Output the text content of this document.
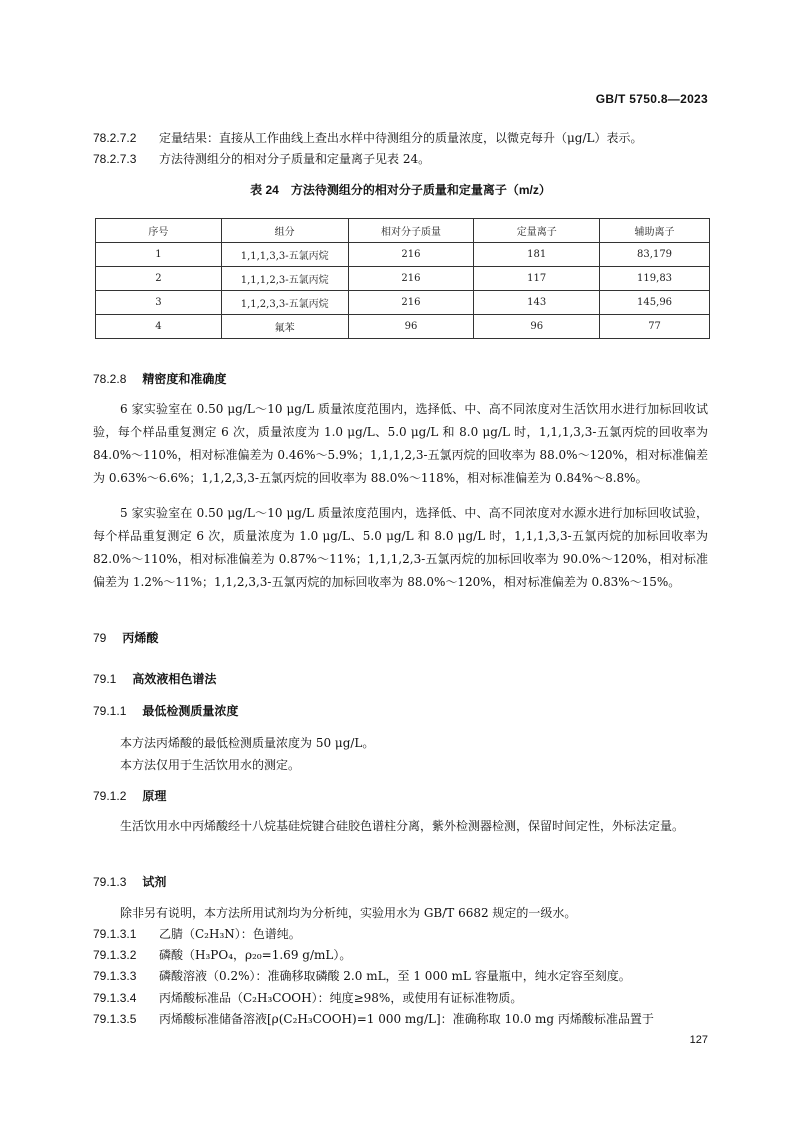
GB/T 5750.8—2023
78.2.7.2 定量结果：直接从工作曲线上查出水样中待测组分的质量浓度，以微克每升（μg/L）表示。
78.2.7.3 方法待测组分的相对分子质量和定量离子见表 24。
表 24　方法待测组分的相对分子质量和定量离子（m/z）
序号	组分	相对分子质量	定量离子	辅助离子
1	1,1,1,3,3-五氯丙烷	216	181	83,179
2	1,1,1,2,3-五氯丙烷	216	117	119,83
3	1,1,2,3,3-五氯丙烷	216	143	145,96
4	氟苯	96	96	77
78.2.8 精密度和准确度
6 家实验室在 0.50 μg/L～10 μg/L 质量浓度范围内，选择低、中、高不同浓度对生活饮用水进行加标回收试验，每个样品重复测定 6 次，质量浓度为 1.0 μg/L、5.0 μg/L 和 8.0 μg/L 时，1,1,1,3,3-五氯丙烷的回收率为 84.0%～110%，相对标准偏差为 0.46%～5.9%；1,1,1,2,3-五氯丙烷的回收率为 88.0%～120%，相对标准偏差为 0.63%～6.6%；1,1,2,3,3-五氯丙烷的回收率为 88.0%～118%，相对标准偏差为 0.84%～8.8%。
5 家实验室在 0.50 μg/L～10 μg/L 质量浓度范围内，选择低、中、高不同浓度对水源水进行加标回收试验，每个样品重复测定 6 次，质量浓度为 1.0 μg/L、5.0 μg/L 和 8.0 μg/L 时，1,1,1,3,3-五氯丙烷的加标回收率为 82.0%～110%，相对标准偏差为 0.87%～11%；1,1,1,2,3-五氯丙烷的加标回收率为 90.0%～120%，相对标准偏差为 1.2%～11%；1,1,2,3,3-五氯丙烷的加标回收率为 88.0%～120%，相对标准偏差为 0.83%～15%。
79 丙烯酸
79.1 高效液相色谱法
79.1.1 最低检测质量浓度
本方法丙烯酸的最低检测质量浓度为 50 μg/L。
本方法仅用于生活饮用水的测定。
79.1.2 原理
生活饮用水中丙烯酸经十八烷基硅烷键合硅胶色谱柱分离，紫外检测器检测，保留时间定性，外标法定量。
79.1.3 试剂
除非另有说明，本方法所用试剂均为分析纯，实验用水为 GB/T 6682 规定的一级水。
79.1.3.1 乙腈（C₂H₃N）：色谱纯。
79.1.3.2 磷酸（H₃PO₄，ρ₂₀=1.69 g/mL）。
79.1.3.3 磷酸溶液（0.2%）：准确移取磷酸 2.0 mL，至 1 000 mL 容量瓶中，纯水定容至刻度。
79.1.3.4 丙烯酸标准品（C₂H₃COOH）：纯度≥98%，或使用有证标准物质。
79.1.3.5 丙烯酸标准储备溶液[ρ(C₂H₃COOH)=1 000 mg/L]：准确称取 10.0 mg 丙烯酸标准品置于
127
